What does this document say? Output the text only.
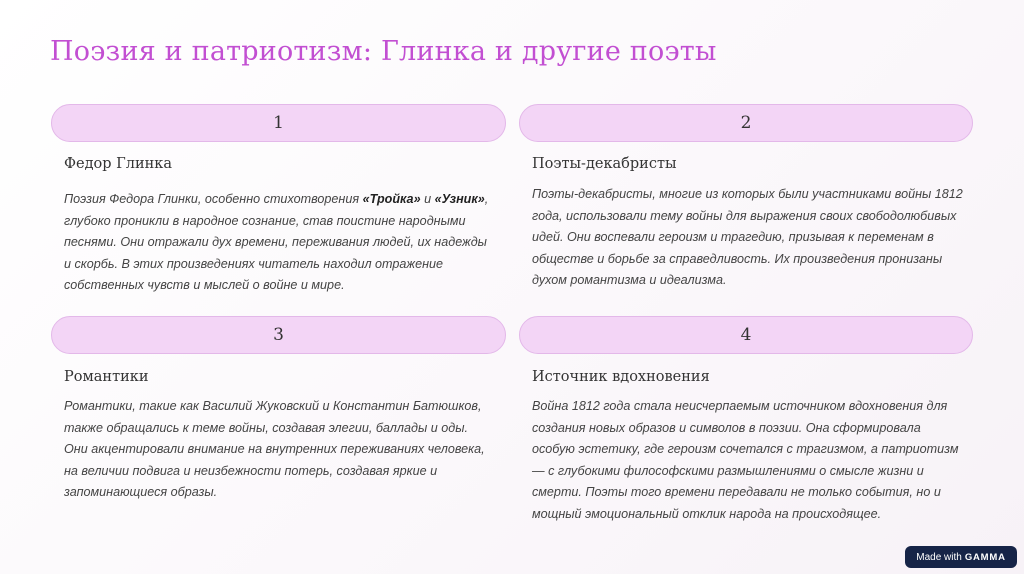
Поэзия и патриотизм: Глинка и другие поэты
1
Федор Глинка
Поэзия Федора Глинки, особенно стихотворения «Тройка» и «Узник», глубоко проникли в народное сознание, став поистине народными песнями. Они отражали дух времени, переживания людей, их надежды и скорбь. В этих произведениях читатель находил отражение собственных чувств и мыслей о войне и мире.
2
Поэты-декабристы
Поэты-декабристы, многие из которых были участниками войны 1812 года, использовали тему войны для выражения своих свободолюбивых идей. Они воспевали героизм и трагедию, призывая к переменам в обществе и борьбе за справедливость. Их произведения пронизаны духом романтизма и идеализма.
3
Романтики
Романтики, такие как Василий Жуковский и Константин Батюшков, также обращались к теме войны, создавая элегии, баллады и оды. Они акцентировали внимание на внутренних переживаниях человека, на величии подвига и неизбежности потерь, создавая яркие и запоминающиеся образы.
4
Источник вдохновения
Война 1812 года стала неисчерпаемым источником вдохновения для создания новых образов и символов в поэзии. Она сформировала особую эстетику, где героизм сочетался с трагизмом, а патриотизм — с глубокими философскими размышлениями о смысле жизни и смерти. Поэты того времени передавали не только события, но и мощный эмоциональный отклик народа на происходящее.
Made with GAMMA
